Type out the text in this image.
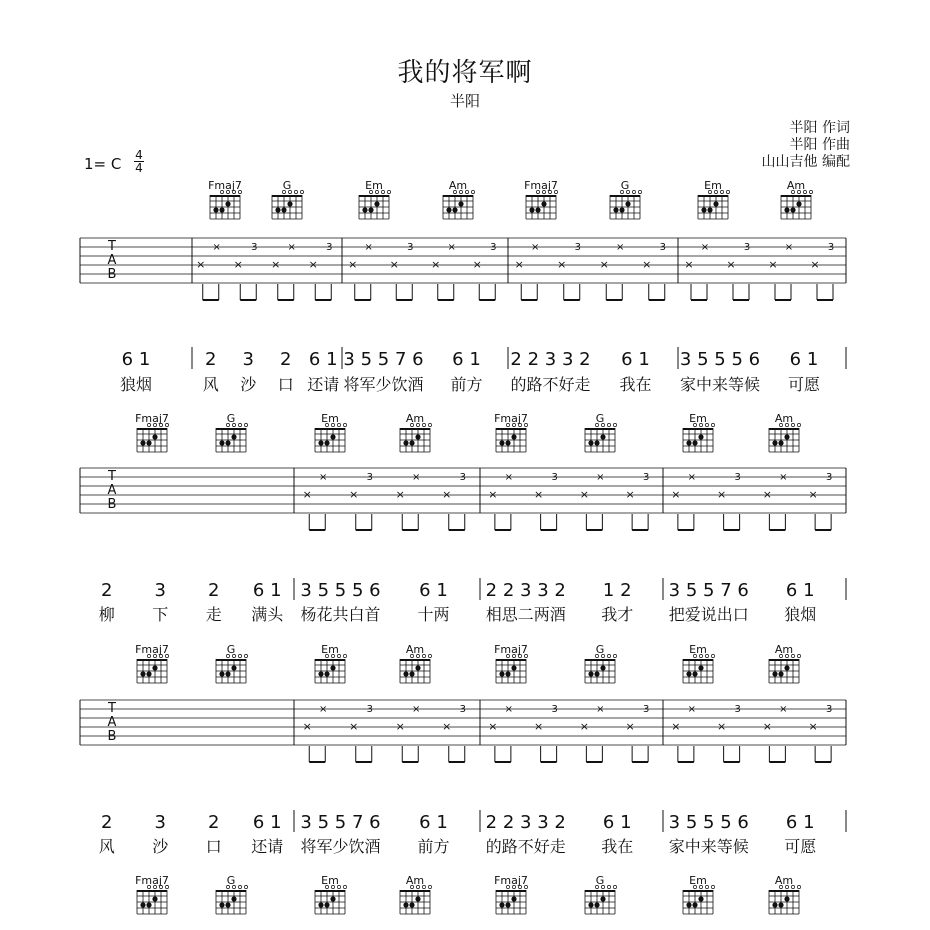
我的将军啊
半阳
半阳 作词
半阳 作曲
山山吉他 编配
1= C 4
4
Fmaj7	G	Em	Am	Fmaj7	G	Em	Am
T
A
B
×
×
×
3
×
×
×
3
×
×
×
3
×
×
×
3
×
×
×
3
×
×
×
3
×
×
×
3
×
×
×
3
6 1
狼烟
2
风
3
沙
2
口
6 1
还请
3 5 5 7 6
将军少饮酒
6 1
前方
2 2 3 3 2
的路不好走
6 1
我在
3 5 5 5 6
家中来等候
6 1
可愿
Fmaj7	G	Em	Am	Fmaj7	G	Em	Am
T
A
B
×
×
×
3
×
×
×
3
×
×
×
3
×
×
×
3
×
×
×
3
×
×
×
3
2
柳
3
下
2
走
6 1
满头
3 5 5 5 6
杨花共白首
6 1
十两
2 2 3 3 2
相思二两酒
1 2
我才
3 5 5 7 6
把爱说出口
6 1
狼烟
Fmaj7	G	Em	Am	Fmaj7	G	Em	Am
T
A
B
×
×
×
3
×
×
×
3
×
×
×
3
×
×
×
3
×
×
×
3
×
×
×
3
2
风
3
沙
2
口
6 1
还请
3 5 5 7 6
将军少饮酒
6 1
前方
2 2 3 3 2
的路不好走
6 1
我在
3 5 5 5 6
家中来等候
6 1
可愿
Fmaj7	G	Em	Am	Fmaj7	G	Em	Am
